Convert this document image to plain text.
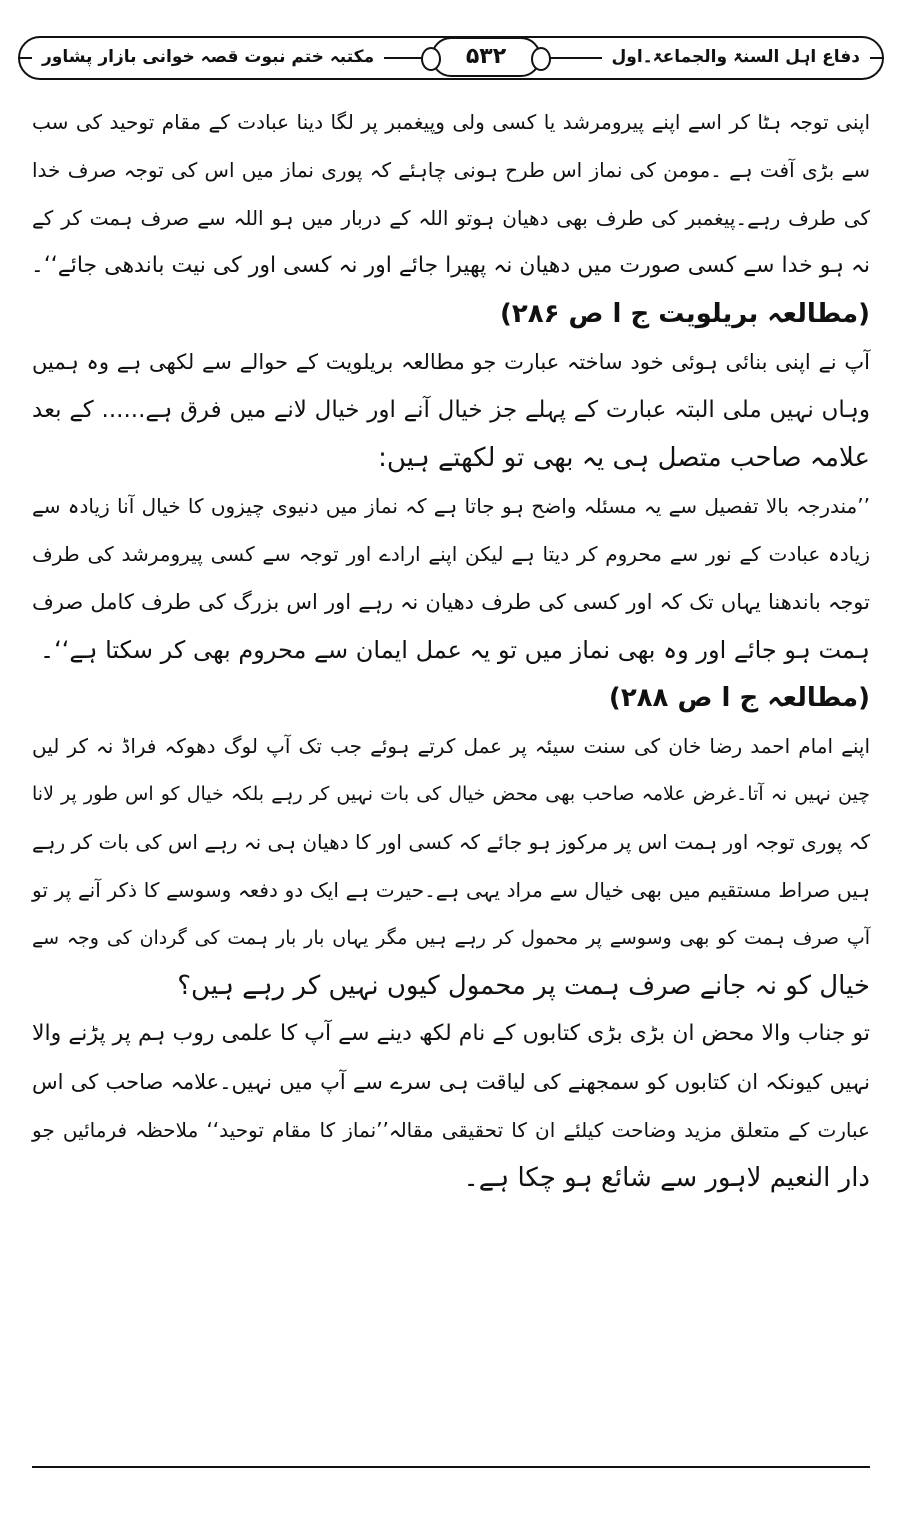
مکتبہ ختم نبوت قصہ خوانی بازار پشاور	دفاع اہل السنۃ والجماعۃ۔اول
۵۳۲
اپنی توجہ ہٹا کر اسے اپنے پیرومرشد یا کسی ولی وپیغمبر پر لگا دینا عبادت کے مقام توحید کی سب
سے بڑی آفت ہے ۔مومن کی نماز اس طرح ہونی چاہئے کہ پوری نماز میں اس کی توجہ صرف خدا
کی طرف رہے۔پیغمبر کی طرف بھی دھیان ہوتو اللہ کے دربار میں ہو اللہ سے صرف ہمت کر کے
نہ ہو خدا سے کسی صورت میں دھیان نہ پھیرا جائے اور نہ کسی اور کی نیت باندھی جائے‘‘۔
(مطالعہ بریلویت ج ا ص ۲۸۶)
آپ نے اپنی بنائی ہوئی خود ساختہ عبارت جو مطالعہ بریلویت کے حوالے سے لکھی ہے وہ ہمیں
وہاں نہیں ملی البتہ عبارت کے پہلے جز خیال آنے اور خیال لانے میں فرق ہے...... کے بعد
علامہ صاحب متصل ہی یہ بھی تو لکھتے ہیں:
’’مندرجہ بالا تفصیل سے یہ مسئلہ واضح ہو جاتا ہے کہ نماز میں دنیوی چیزوں کا خیال آنا زیادہ سے
زیادہ عبادت کے نور سے محروم کر دیتا ہے لیکن اپنے ارادے اور توجہ سے کسی پیرومرشد کی طرف
توجہ باندھنا یہاں تک کہ اور کسی کی طرف دھیان نہ رہے اور اس بزرگ کی طرف کامل صرف
ہمت ہو جائے اور وہ بھی نماز میں تو یہ عمل ایمان سے محروم بھی کر سکتا ہے‘‘۔
(مطالعہ ج ا ص ۲۸۸)
اپنے امام احمد رضا خان کی سنت سیئہ پر عمل کرتے ہوئے جب تک آپ لوگ دھوکہ فراڈ نہ کر لیں
چین نہیں نہ آتا۔غرض علامہ صاحب بھی محض خیال کی بات نہیں کر رہے بلکہ خیال کو اس طور پر لانا
کہ پوری توجہ اور ہمت اس پر مرکوز ہو جائے کہ کسی اور کا دھیان ہی نہ رہے اس کی بات کر رہے
ہیں صراط مستقیم میں بھی خیال سے مراد یہی ہے۔حیرت ہے ایک دو دفعہ وسوسے کا ذکر آنے پر تو
آپ صرف ہمت کو بھی وسوسے پر محمول کر رہے ہیں مگر یہاں بار بار ہمت کی گردان کی وجہ سے
خیال کو نہ جانے صرف ہمت پر محمول کیوں نہیں کر رہے ہیں؟
تو جناب والا محض ان بڑی بڑی کتابوں کے نام لکھ دینے سے آپ کا علمی روب ہم پر پڑنے والا
نہیں کیونکہ ان کتابوں کو سمجھنے کی لیاقت ہی سرے سے آپ میں نہیں۔علامہ صاحب کی اس
عبارت کے متعلق مزید وضاحت کیلئے ان کا تحقیقی مقالہ’’نماز کا مقام توحید‘‘ ملاحظہ فرمائیں جو
دار النعیم لاہور سے شائع ہو چکا ہے۔
